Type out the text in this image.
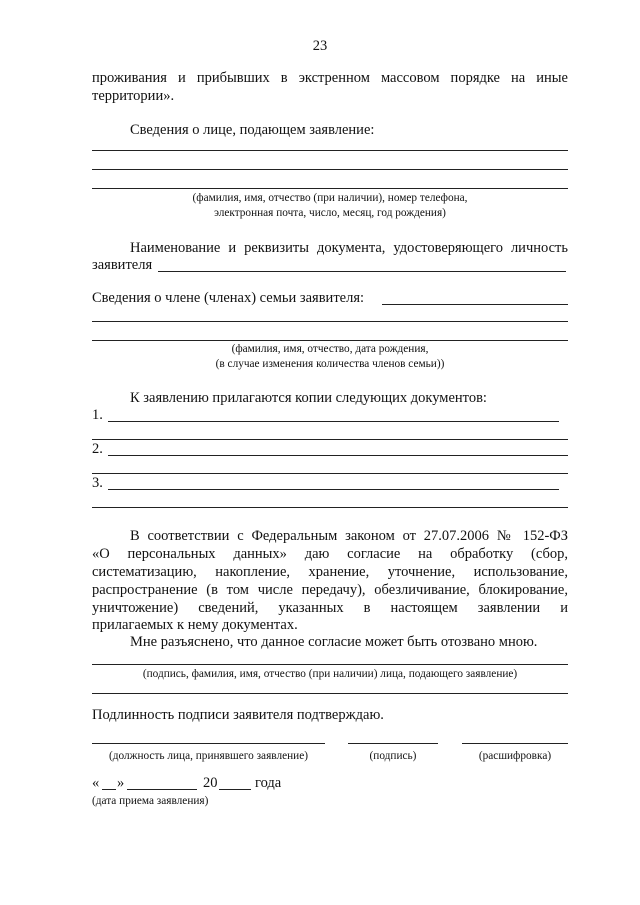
23
проживания и прибывших в экстренном массовом порядке на иные
территории».
Сведения о лице, подающем заявление:
(фамилия, имя, отчество (при наличии), номер телефона,
электронная почта, число, месяц, год рождения)
Наименование и реквизиты документа, удостоверяющего личность
заявителя
Сведения о члене (членах) семьи заявителя:
(фамилия, имя, отчество, дата рождения,
(в случае изменения количества членов семьи))
К заявлению прилагаются копии следующих документов:
1.
2.
3.
В соответствии с Федеральным законом от 27.07.2006 № 152-ФЗ
«О персональных данных» даю согласие на обработку (сбор,
систематизацию, накопление, хранение, уточнение, использование,
распространение (в том числе передачу), обезличивание, блокирование,
уничтожение) сведений, указанных в настоящем заявлении и
прилагаемых к нему документах.
Мне разъяснено, что данное согласие может быть отозвано мною.
(подпись, фамилия, имя, отчество (при наличии) лица, подающего заявление)
Подлинность подписи заявителя подтверждаю.
(должность лица, принявшего заявление)	(подпись)	(расшифровка)
« »	20	года
(дата приема заявления)
